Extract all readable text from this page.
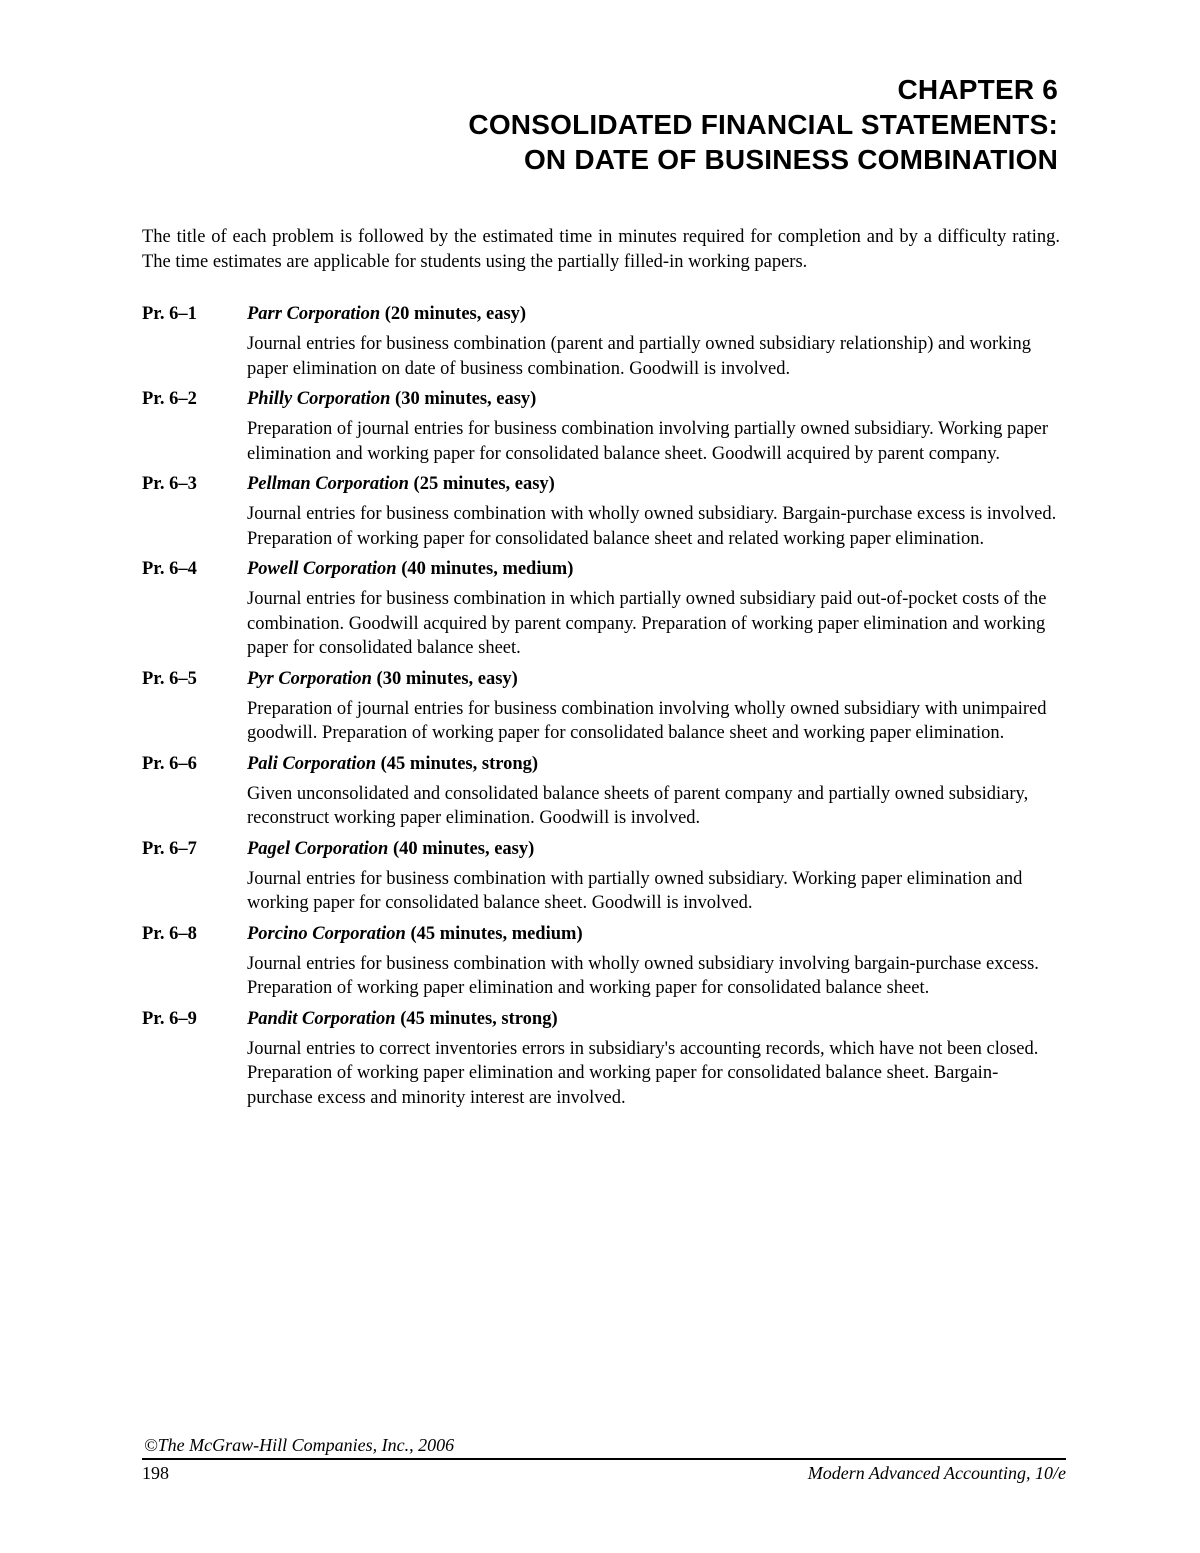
CHAPTER 6
CONSOLIDATED FINANCIAL STATEMENTS:
ON DATE OF BUSINESS COMBINATION

The title of each problem is followed by the estimated time in minutes required for completion and by a difficulty rating. The time estimates are applicable for students using the partially filled-in working papers.

Pr. 6–1	Parr Corporation (20 minutes, easy)
Journal entries for business combination (parent and partially owned subsidiary relationship) and working paper elimination on date of business combination. Goodwill is involved.
Pr. 6–2	Philly Corporation (30 minutes, easy)
Preparation of journal entries for business combination involving partially owned subsidiary. Working paper elimination and working paper for consolidated balance sheet. Goodwill acquired by parent company.
Pr. 6–3	Pellman Corporation (25 minutes, easy)
Journal entries for business combination with wholly owned subsidiary. Bargain-purchase excess is involved. Preparation of working paper for consolidated balance sheet and related working paper elimination.
Pr. 6–4	Powell Corporation (40 minutes, medium)
Journal entries for business combination in which partially owned subsidiary paid out-of-pocket costs of the combination. Goodwill acquired by parent company. Preparation of working paper elimination and working paper for consolidated balance sheet.
Pr. 6–5	Pyr Corporation (30 minutes, easy)
Preparation of journal entries for business combination involving wholly owned subsidiary with unimpaired goodwill. Preparation of working paper for consolidated balance sheet and working paper elimination.
Pr. 6–6	Pali Corporation (45 minutes, strong)
Given unconsolidated and consolidated balance sheets of parent company and partially owned subsidiary, reconstruct working paper elimination. Goodwill is involved.
Pr. 6–7	Pagel Corporation (40 minutes, easy)
Journal entries for business combination with partially owned subsidiary. Working paper elimination and working paper for consolidated balance sheet. Goodwill is involved.
Pr. 6–8	Porcino Corporation (45 minutes, medium)
Journal entries for business combination with wholly owned subsidiary involving bargain-purchase excess. Preparation of working paper elimination and working paper for consolidated balance sheet.
Pr. 6–9	Pandit Corporation (45 minutes, strong)
Journal entries to correct inventories errors in subsidiary's accounting records, which have not been closed. Preparation of working paper elimination and working paper for consolidated balance sheet. Bargain-purchase excess and minority interest are involved.
©The McGraw-Hill Companies, Inc., 2006
198	Modern Advanced Accounting, 10/e
